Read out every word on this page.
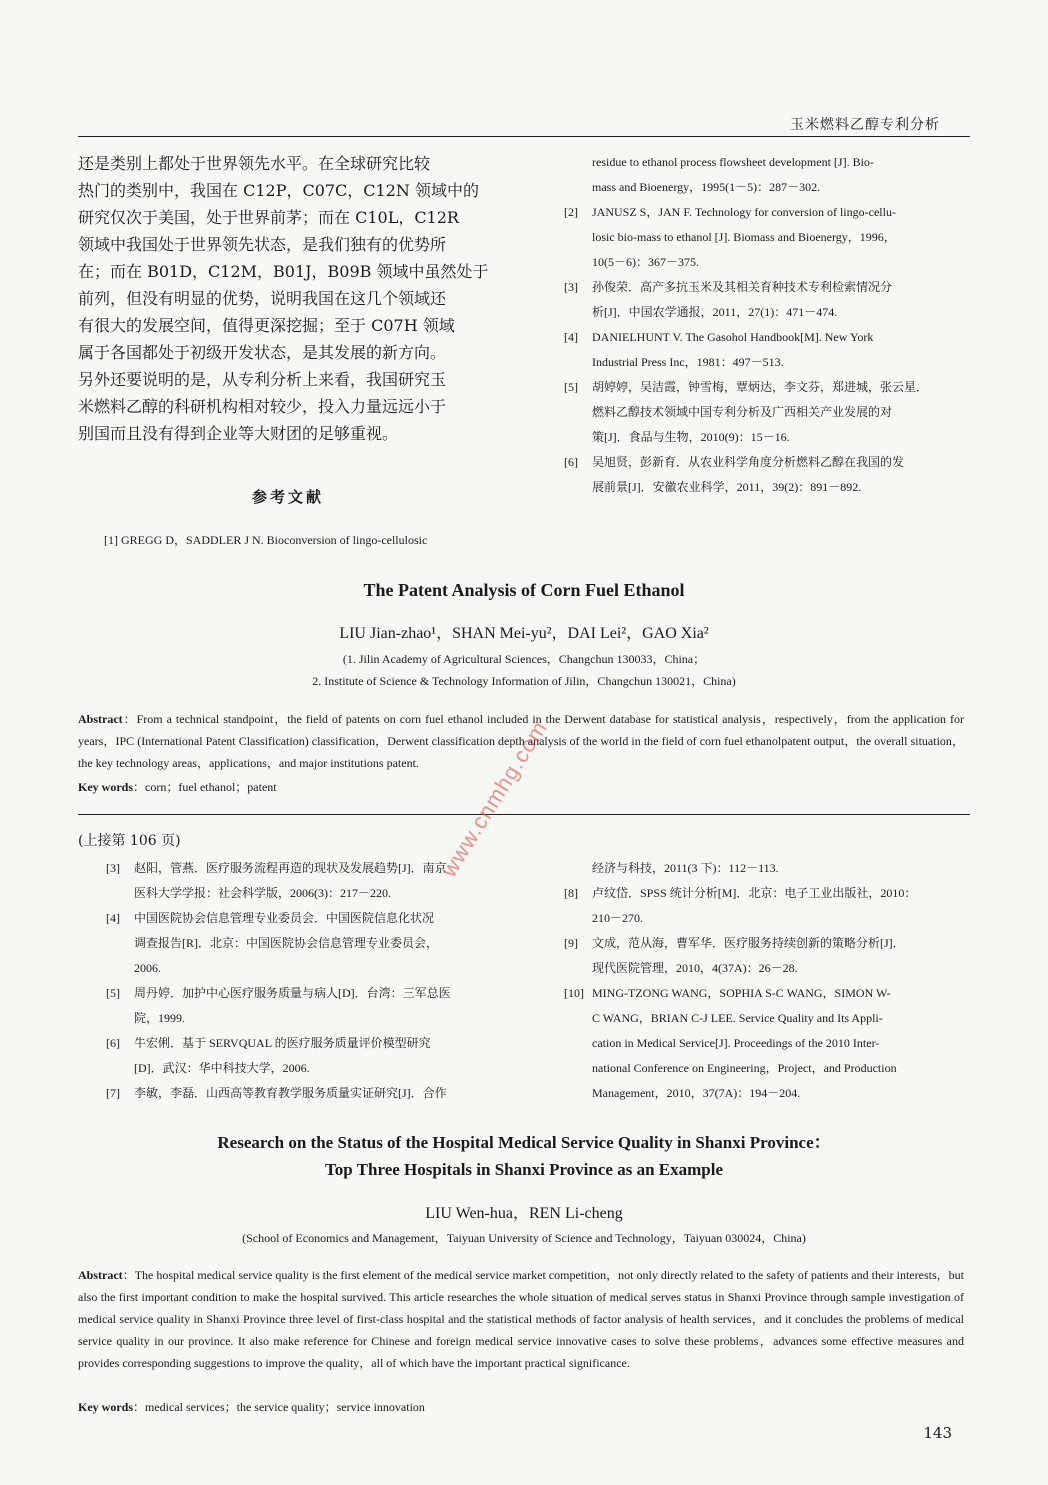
玉米燃料乙醇专利分析
还是类别上都处于世界领先水平。在全球研究比较
热门的类别中，我国在 C12P，C07C，C12N 领域中的
研究仅次于美国，处于世界前茅；而在 C10L，C12R
领域中我国处于世界领先状态，是我们独有的优势所
在；而在 B01D，C12M，B01J，B09B 领域中虽然处于
前列，但没有明显的优势，说明我国在这几个领域还
有很大的发展空间，值得更深挖掘；至于 C07H 领域
属于各国都处于初级开发状态，是其发展的新方向。
另外还要说明的是，从专利分析上来看，我国研究玉
米燃料乙醇的科研机构相对较少，投入力量远远小于
别国而且没有得到企业等大财团的足够重视。
参考文献
[1] GREGG D，SADDLER J N. Bioconversion of lingo-cellulosic
residue to ethanol process flowsheet development [J]. Bio-
mass and Bioenergy，1995(1－5)：287－302.
[2] JANUSZ S，JAN F. Technology for conversion of lingo-cellu-
losic bio-mass to ethanol [J]. Biomass and Bioenergy，1996，
10(5－6)：367－375.
[3] 孙俊荣．高产多抗玉米及其相关育种技术专利检索情况分
析[J]．中国农学通报，2011，27(1)：471－474.
[4] DANIELHUNT V. The Gasohol Handbook[M]. New York
Industrial Press Inc，1981：497－513.
[5] 胡婷婷，吴洁霞，钟雪梅，覃炳达，李文芬，郑进城，张云星．
燃料乙醇技术领域中国专利分析及广西相关产业发展的对
策[J]．食品与生物，2010(9)：15－16.
[6] 吴旭贤，彭新育．从农业科学角度分析燃料乙醇在我国的发
展前景[J]．安徽农业科学，2011，39(2)：891－892.
The Patent Analysis of Corn Fuel Ethanol
LIU Jian-zhao¹，SHAN Mei-yu²，DAI Lei²，GAO Xia²
(1. Jilin Academy of Agricultural Sciences，Changchun 130033，China；
2. Institute of Science & Technology Information of Jilin，Changchun 130021，China)
Abstract：From a technical standpoint，the field of patents on corn fuel ethanol included in the Derwent database for statistical analysis，respectively，from the application for years，IPC (International Patent Classification) classification，Derwent classification depth analysis of the world in the field of corn fuel ethanolpatent output，the overall situation，the key technology areas，applications，and major institutions patent.
Key words：corn；fuel ethanol；patent
(上接第 106 页)
[3] 赵阳，管燕．医疗服务流程再造的现状及发展趋势[J]．南京
医科大学学报：社会科学版，2006(3)：217－220.
[4] 中国医院协会信息管理专业委员会．中国医院信息化状况
调查报告[R]．北京：中国医院协会信息管理专业委员会，
2006.
[5] 周丹婷．加护中心医疗服务质量与病人[D]．台湾：三军总医
院，1999.
[6] 牛宏俐．基于 SERVQUAL 的医疗服务质量评价模型研究
[D]．武汉：华中科技大学，2006.
[7] 李敏，李磊．山西高等教育教学服务质量实证研究[J]．合作
经济与科技，2011(3 下)：112－113.
[8] 卢纹岱．SPSS 统计分析[M]．北京：电子工业出版社，2010：
210－270.
[9] 文成，范从海，曹军华．医疗服务持续创新的策略分析[J]．
现代医院管理，2010，4(37A)：26－28.
[10] MING-TZONG WANG，SOPHIA S-C WANG，SIMON W-
C WANG，BRIAN C-J LEE. Service Quality and Its Appli-
cation in Medical Service[J]. Proceedings of the 2010 Inter-
national Conference on Engineering，Project，and Production
Management，2010，37(7A)：194－204.
Research on the Status of the Hospital Medical Service Quality in Shanxi Province：
Top Three Hospitals in Shanxi Province as an Example
LIU Wen-hua，REN Li-cheng
(School of Economics and Management，Taiyuan University of Science and Technology，Taiyuan 030024，China)
Abstract：The hospital medical service quality is the first element of the medical service market competition，not only directly related to the safety of patients and their interests，but also the first important condition to make the hospital survived. This article researches the whole situation of medical serves status in Shanxi Province through sample investigation of medical service quality in Shanxi Province three level of first-class hospital and the statistical methods of factor analysis of health services，and it concludes the problems of medical service quality in our province. It also make reference for Chinese and foreign medical service innovative cases to solve these problems，advances some effective measures and provides corresponding suggestions to improve the quality，all of which have the important practical significance.
Key words：medical services；the service quality；service innovation
143
www.cnmhg.com
